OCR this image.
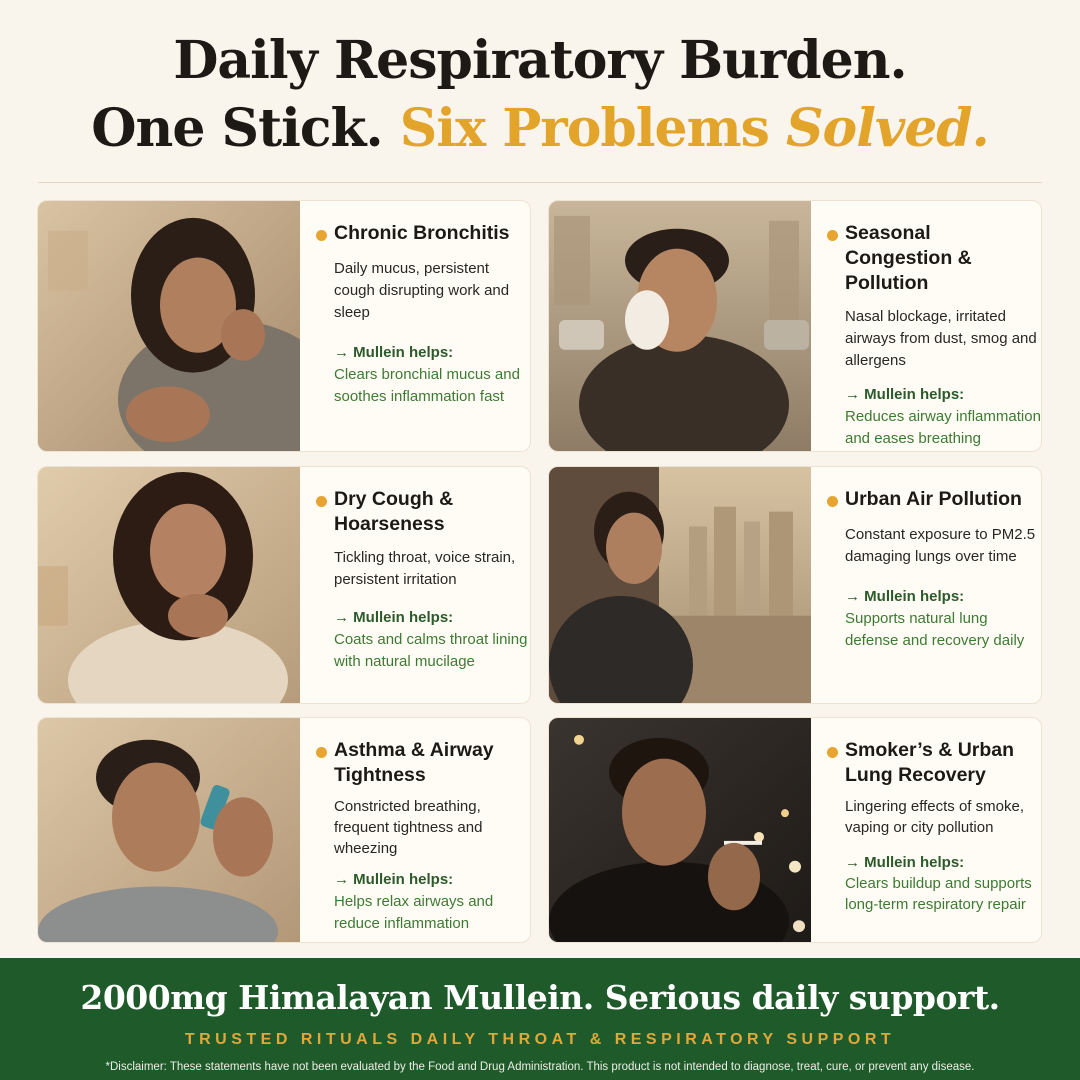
Daily Respiratory Burden.
One Stick. Six Problems Solved.
Chronic Bronchitis

Daily mucus, persistent cough disrupting work and sleep

→ Mullein helps:

Clears bronchial mucus and soothes inflammation fast

Seasonal Congestion & Pollution

Nasal blockage, irritated airways from dust, smog and allergens

→ Mullein helps:

Reduces airway inflammation and eases breathing

Dry Cough & Hoarseness

Tickling throat, voice strain, persistent irritation

→ Mullein helps:

Coats and calms throat lining with natural mucilage

Urban Air Pollution

Constant exposure to PM2.5 damaging lungs over time

→ Mullein helps:

Supports natural lung defense and recovery daily

Asthma & Airway Tightness

Constricted breathing, frequent tightness and wheezing

→ Mullein helps:

Helps relax airways and reduce inflammation

Smoker’s & Urban Lung Recovery

Lingering effects of smoke, vaping or city pollution

→ Mullein helps:

Clears buildup and supports long-term respiratory repair

2000mg Himalayan Mullein. Serious daily support.
TRUSTED RITUALS DAILY THROAT & RESPIRATORY SUPPORT
*Disclaimer: These statements have not been evaluated by the Food and Drug Administration. This product is not intended to diagnose, treat, cure, or prevent any disease.
